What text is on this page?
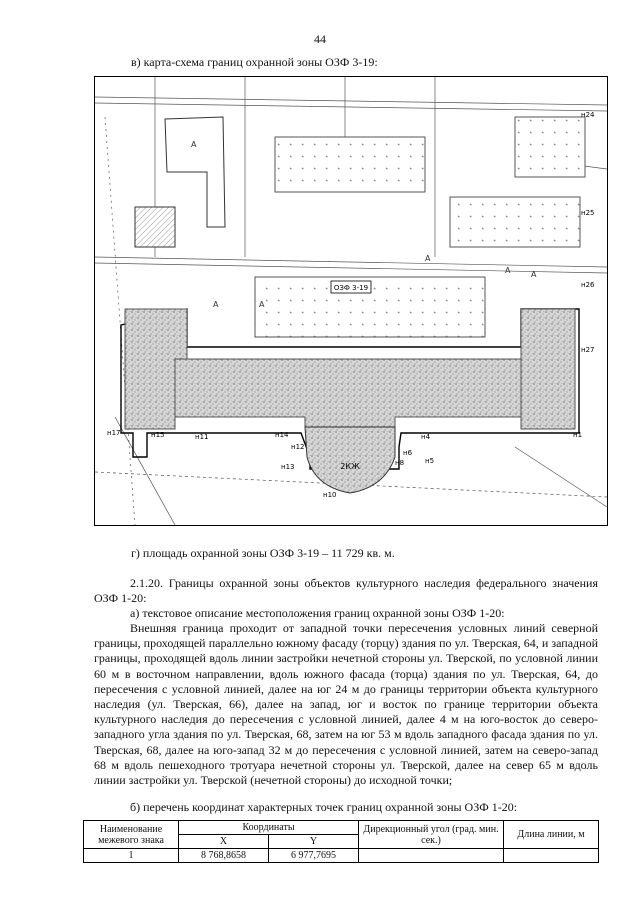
44
в) карта-схема границ охранной зоны ОЗФ 3-19:
ОЗФ 3-19
2КЖ
н17	н15	н11	н14
н12
н13
н10
н8
н6
н5
н4	н1
н27
н26
н25
н24
А
А
А
А
А
А
г) площадь охранной зоны ОЗФ 3-19 – 11 729 кв. м.

2.1.20. Границы охранной зоны объектов культурного наследия федерального значения ОЗФ 1-20:

а) текстовое описание местоположения границ охранной зоны ОЗФ 1-20:

Внешняя граница проходит от западной точки пересечения условных линий северной границы, проходящей параллельно южному фасаду (торцу) здания по ул. Тверская, 64, и западной границы, проходящей вдоль линии застройки нечетной стороны ул. Тверской, по условной линии 60 м в восточном направлении, вдоль южного фасада (торца) здания по ул. Тверская, 64, до пересечения с условной линией, далее на юг 24 м до границы территории объекта культурного наследия (ул. Тверская, 66), далее на запад, юг и восток по границе территории объекта культурного наследия до пересечения с условной линией, далее 4 м на юго-восток до северо-западного угла здания по ул. Тверская, 68, затем на юг 53 м вдоль западного фасада здания по ул. Тверская, 68, далее на юго-запад 32 м до пересечения с условной линией, затем на северо-запад 68 м вдоль пешеходного тротуара нечетной стороны ул. Тверской, далее на север 65 м вдоль линии застройки ул. Тверской (нечетной стороны) до исходной точки;

б) перечень координат характерных точек границ охранной зоны ОЗФ 1-20:

Наименование межевого знака	Координаты		Дирекционный угол (град. мин. сек.)	Длина линии, м
	X	Y		
1	8 768,8658	6 977,7695		
